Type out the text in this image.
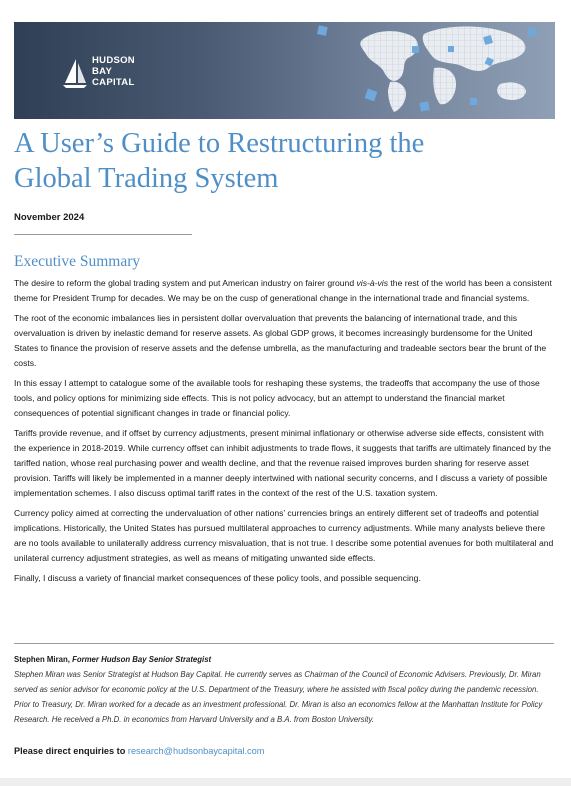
HUDSON
BAY
CAPITAL
A User’s Guide to Restructuring the Global Trading System
November 2024
Executive Summary

The desire to reform the global trading system and put American industry on fairer ground vis-à-vis the rest of the world has been a consistent theme for President Trump for decades. We may be on the cusp of generational change in the international trade and financial systems.

The root of the economic imbalances lies in persistent dollar overvaluation that prevents the balancing of international trade, and this overvaluation is driven by inelastic demand for reserve assets. As global GDP grows, it becomes increasingly burdensome for the United States to finance the provision of reserve assets and the defense umbrella, as the manufacturing and tradeable sectors bear the brunt of the costs.

In this essay I attempt to catalogue some of the available tools for reshaping these systems, the tradeoffs that accompany the use of those tools, and policy options for minimizing side effects. This is not policy advocacy, but an attempt to understand the financial market consequences of potential significant changes in trade or financial policy.

Tariffs provide revenue, and if offset by currency adjustments, present minimal inflationary or otherwise adverse side effects, consistent with the experience in 2018-2019. While currency offset can inhibit adjustments to trade flows, it suggests that tariffs are ultimately financed by the tariffed nation, whose real purchasing power and wealth decline, and that the revenue raised improves burden sharing for reserve asset provision. Tariffs will likely be implemented in a manner deeply intertwined with national security concerns, and I discuss a variety of possible implementation schemes. I also discuss optimal tariff rates in the context of the rest of the U.S. taxation system.

Currency policy aimed at correcting the undervaluation of other nations’ currencies brings an entirely different set of tradeoffs and potential implications. Historically, the United States has pursued multilateral approaches to currency adjustments. While many analysts believe there are no tools available to unilaterally address currency misvaluation, that is not true. I describe some potential avenues for both multilateral and unilateral currency adjustment strategies, as well as means of mitigating unwanted side effects.

Finally, I discuss a variety of financial market consequences of these policy tools, and possible sequencing.

Stephen Miran, Former Hudson Bay Senior Strategist

Stephen Miran was Senior Strategist at Hudson Bay Capital. He currently serves as Chairman of the Council of Economic Advisers. Previously, Dr. Miran served as senior advisor for economic policy at the U.S. Department of the Treasury, where he assisted with fiscal policy during the pandemic recession. Prior to Treasury, Dr. Miran worked for a decade as an investment professional. Dr. Miran is also an economics fellow at the Manhattan Institute for Policy Research. He received a Ph.D. in economics from Harvard University and a B.A. from Boston University.

Please direct enquiries to research@hudsonbaycapital.com
